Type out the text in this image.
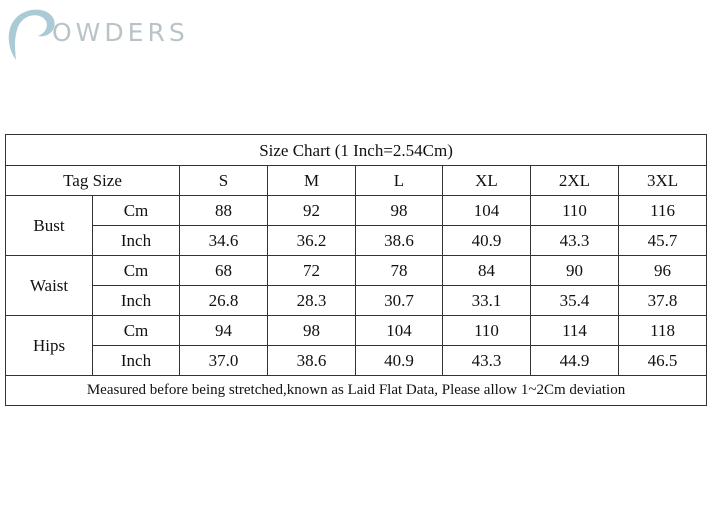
OWDERS
Size Chart (1 Inch=2.54Cm)							
Tag Size		S	M	L	XL	2XL	3XL
Bust	Cm	88	92	98	104	110	116
	Inch	34.6	36.2	38.6	40.9	43.3	45.7
Waist	Cm	68	72	78	84	90	96
	Inch	26.8	28.3	30.7	33.1	35.4	37.8
Hips	Cm	94	98	104	110	114	118
	Inch	37.0	38.6	40.9	43.3	44.9	46.5
Measured before being stretched,known as Laid Flat Data, Please allow 1~2Cm deviation							
